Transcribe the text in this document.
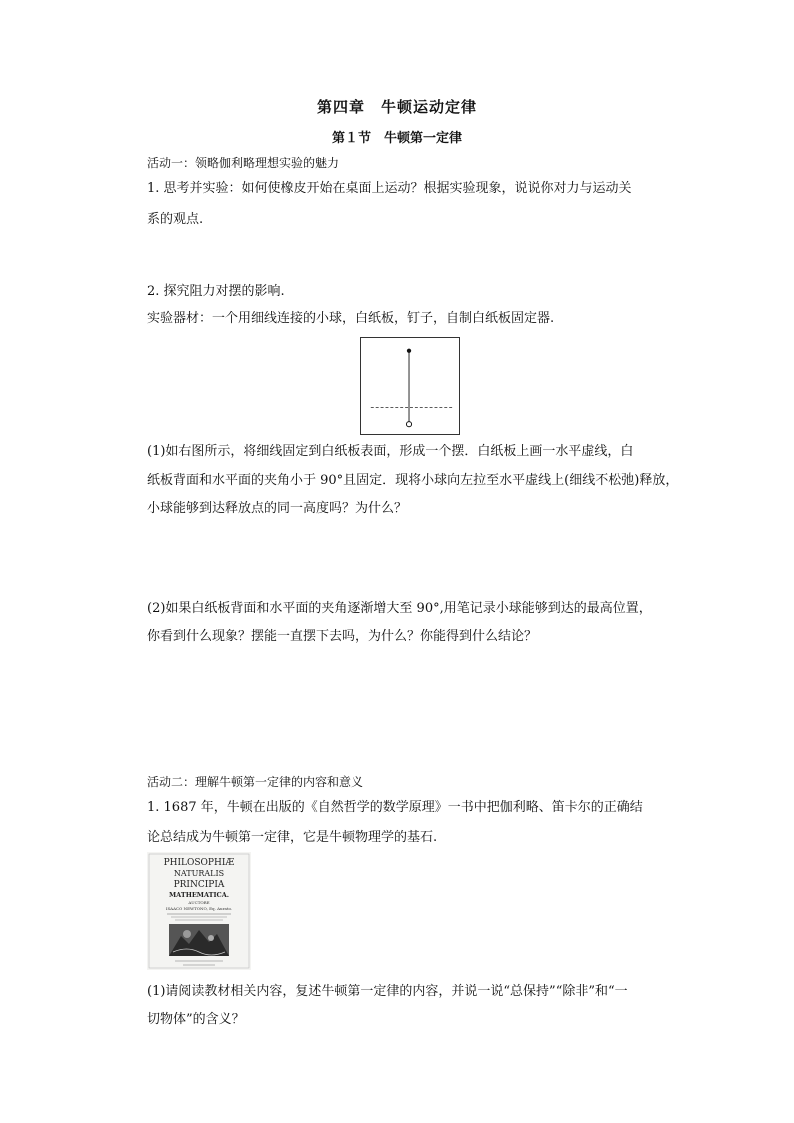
第四章　牛顿运动定律
第１节　牛顿第一定律
活动一：领略伽利略理想实验的魅力
1. 思考并实验：如何使橡皮开始在桌面上运动？根据实验现象，说说你对力与运动关
系的观点.
2. 探究阻力对摆的影响.
实验器材：一个用细线连接的小球，白纸板，钉子，自制白纸板固定器.
(1)如右图所示，将细线固定到白纸板表面，形成一个摆．白纸板上画一水平虚线，白
纸板背面和水平面的夹角小于 90°且固定．现将小球向左拉至水平虚线上(细线不松弛)释放，
小球能够到达释放点的同一高度吗？为什么？
(2)如果白纸板背面和水平面的夹角逐渐增大至 90°,用笔记录小球能够到达的最高位置，
你看到什么现象？摆能一直摆下去吗，为什么？你能得到什么结论？
活动二：理解牛顿第一定律的内容和意义
1. 1687 年，牛顿在出版的《自然哲学的数学原理》一书中把伽利略、笛卡尔的正确结
论总结成为牛顿第一定律，它是牛顿物理学的基石.
PHILOSOPHIÆ
NATURALIS
PRINCIPIA
MATHEMATICA.
AUCTORE
ISAACO NEWTONO, Eq. Aurato.
(1)请阅读教材相关内容，复述牛顿第一定律的内容，并说一说“总保持”“除非”和“一
切物体”的含义？
